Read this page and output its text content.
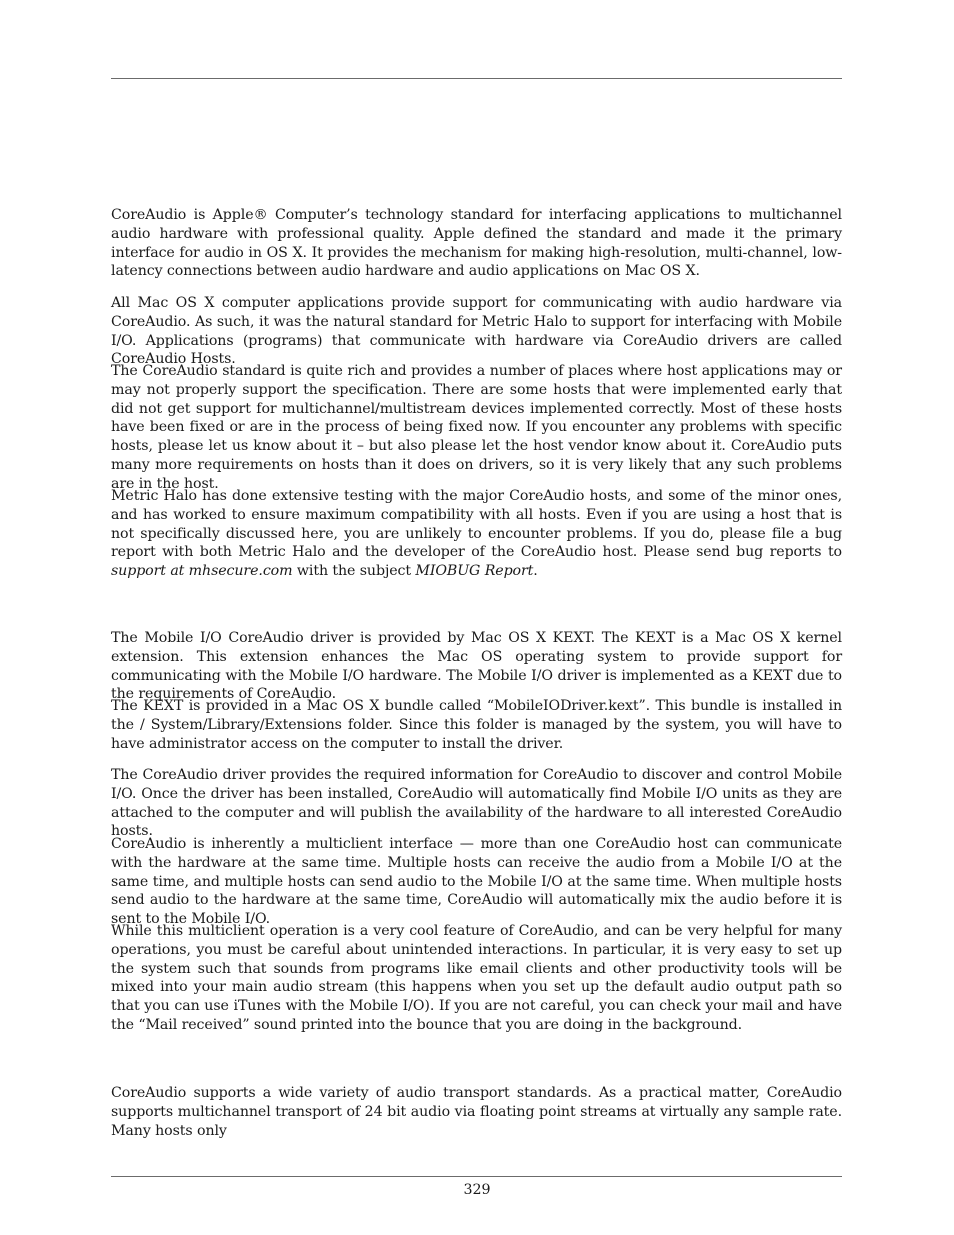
CoreAudio is Apple® Computer’s technology standard for interfacing applications to multichannel audio hardware with professional quality. Apple defined the standard and made it the primary interface for audio in OS X. It provides the mechanism for making high-resolution, multi-channel, low-latency connections between audio hardware and audio applications on Mac OS X.

All Mac OS X computer applications provide support for communicating with audio hardware via CoreAudio. As such, it was the natural standard for Metric Halo to support for interfacing with Mobile I/O. Applications (programs) that communicate with hardware via CoreAudio drivers are called CoreAudio Hosts.

The CoreAudio standard is quite rich and provides a number of places where host applications may or may not properly support the specification. There are some hosts that were implemented early that did not get support for multichannel/multistream devices implemented correctly. Most of these hosts have been fixed or are in the process of being fixed now. If you encounter any problems with specific hosts, please let us know about it – but also please let the host vendor know about it. CoreAudio puts many more requirements on hosts than it does on drivers, so it is very likely that any such problems are in the host.

Metric Halo has done extensive testing with the major CoreAudio hosts, and some of the minor ones, and has worked to ensure maximum compatibility with all hosts. Even if you are using a host that is not specifically discussed here, you are unlikely to encounter problems. If you do, please file a bug report with both Metric Halo and the developer of the CoreAudio host. Please send bug reports to support at mhsecure.com with the subject MIOBUG Report.

The Mobile I/O CoreAudio driver is provided by Mac OS X KEXT. The KEXT is a Mac OS X kernel extension. This extension enhances the Mac OS operating system to provide support for communicating with the Mobile I/O hardware. The Mobile I/O driver is implemented as a KEXT due to the requirements of CoreAudio.

The KEXT is provided in a Mac OS X bundle called “MobileIODriver.kext”. This bundle is installed in the / System/Library/Extensions folder. Since this folder is managed by the system, you will have to have administrator access on the computer to install the driver.

The CoreAudio driver provides the required information for CoreAudio to discover and control Mobile I/O. Once the driver has been installed, CoreAudio will automatically find Mobile I/O units as they are attached to the computer and will publish the availability of the hardware to all interested CoreAudio hosts.

CoreAudio is inherently a multiclient interface — more than one CoreAudio host can communicate with the hardware at the same time. Multiple hosts can receive the audio from a Mobile I/O at the same time, and multiple hosts can send audio to the Mobile I/O at the same time. When multiple hosts send audio to the hardware at the same time, CoreAudio will automatically mix the audio before it is sent to the Mobile I/O.

While this multiclient operation is a very cool feature of CoreAudio, and can be very helpful for many operations, you must be careful about unintended interactions. In particular, it is very easy to set up the system such that sounds from programs like email clients and other productivity tools will be mixed into your main audio stream (this happens when you set up the default audio output path so that you can use iTunes with the Mobile I/O). If you are not careful, you can check your mail and have the “Mail received” sound printed into the bounce that you are doing in the background.

CoreAudio supports a wide variety of audio transport standards. As a practical matter, CoreAudio supports multichannel transport of 24 bit audio via floating point streams at virtually any sample rate. Many hosts only

329
